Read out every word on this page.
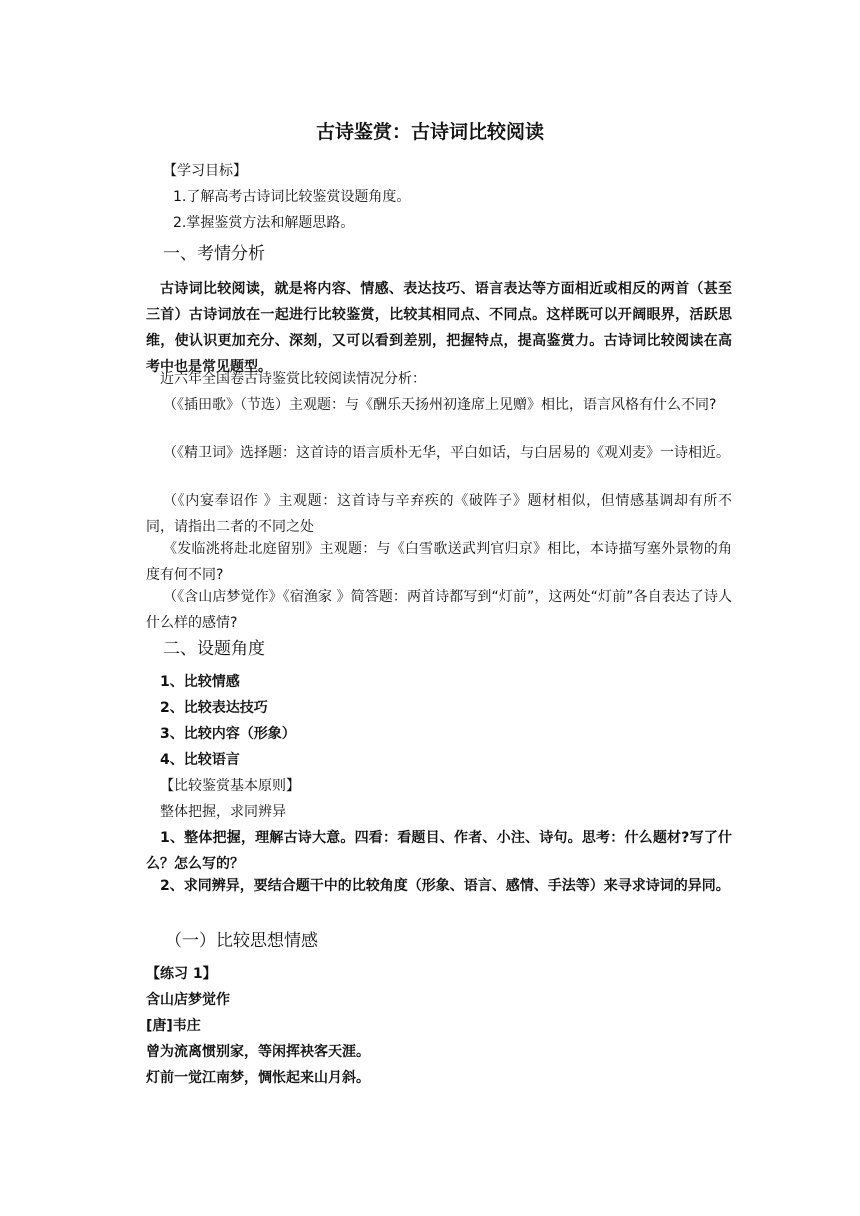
古诗鉴赏：古诗词比较阅读
【学习目标】
1.了解高考古诗词比较鉴赏设题角度。
2.掌握鉴赏方法和解题思路。
一、考情分析
古诗词比较阅读，就是将内容、情感、表达技巧、语言表达等方面相近或相反的两首（甚至三首）古诗词放在一起进行比较鉴赏，比较其相同点、不同点。这样既可以开阔眼界，活跃思维，使认识更加充分、深刻，又可以看到差别，把握特点，提高鉴赏力。古诗词比较阅读在高考中也是常见题型。
近六年全国卷古诗鉴赏比较阅读情况分析：
（《插田歌》（节选）主观题：与《酬乐天扬州初逢席上见赠》相比，语言风格有什么不同?
（《精卫词》选择题：这首诗的语言质朴无华，平白如话，与白居易的《观刈麦》一诗相近。
（《内宴奉诏作 》主观题：这首诗与辛弃疾的《破阵子》题材相似，但情感基调却有所不同，请指出二者的不同之处
《发临洮将赴北庭留别》主观题：与《白雪歌送武判官归京》相比，本诗描写塞外景物的角度有何不同?
（《含山店梦觉作》《宿渔家 》简答题：两首诗都写到“灯前”，这两处“灯前”各自表达了诗人什么样的感情?
二、设题角度
1、比较情感
2、比较表达技巧
3、比较内容（形象）
4、比较语言
【比较鉴赏基本原则】
整体把握，求同辨异
1、整体把握，理解古诗大意。四看：看题目、作者、小注、诗句。思考：什么题材?写了什么？怎么写的？
2、求同辨异，要结合题干中的比较角度（形象、语言、感情、手法等）来寻求诗词的异同。
（一）比较思想情感
【练习 1】
含山店梦觉作
[唐]韦庄
曾为流离惯别家，等闲挥袂客天涯。
灯前一觉江南梦，惆怅起来山月斜。
